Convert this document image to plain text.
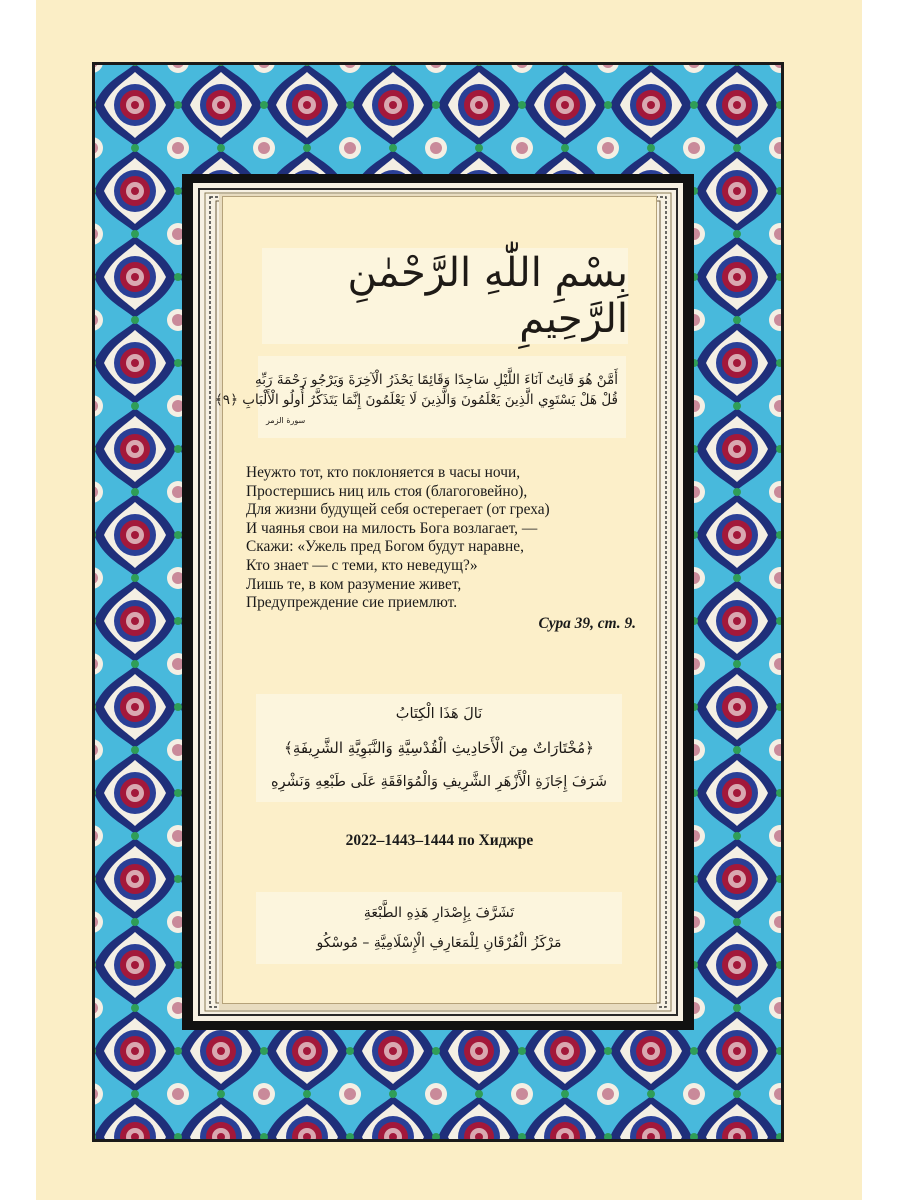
بِسْمِ اللّٰهِ الرَّحْمٰنِ الرَّحِيمِ
أَمَّنْ هُوَ قَانِتٌ آنَاءَ اللَّيْلِ سَاجِدًا وَقَائِمًا يَحْذَرُ الْآخِرَةَ وَيَرْجُو رَحْمَةَ رَبِّهِ
قُلْ هَلْ يَسْتَوِي الَّذِينَ يَعْلَمُونَ وَالَّذِينَ لَا يَعْلَمُونَ إِنَّمَا يَتَذَكَّرُ أُولُو الْأَلْبَابِ ﴿٩﴾
سورة الزمر
Неужто тот, кто поклоняется в часы ночи,
Простершись ниц иль стоя (благоговейно),
Для жизни будущей себя остерегает (от греха)
И чаянья свои на милость Бога возлагает, —
Скажи: «Ужель пред Богом будут наравне,
Кто знает — с теми, кто неведущ?»
Лишь те, в ком разумение живет,
Предупреждение сие приемлют.
Сура 39, ст. 9.
نَالَ هَذَا الْكِتَابُ
﴿مُخْتَارَاتٌ مِنَ الْأَحَادِيثِ الْقُدْسِيَّةِ وَالنَّبَوِيَّةِ الشَّرِيفَةِ﴾
شَرَفَ إِجَازَةِ الْأَزْهَرِ الشَّرِيفِ وَالْمُوَافَقَةِ عَلَى طَبْعِهِ وَنَشْرِهِ
2022–1443–1444 по Хиджре
تَشَرَّفَ بِإِصْدَارِ هَذِهِ الطَّبْعَةِ
مَرْكَزُ الْفُرْقَانِ لِلْمَعَارِفِ الْإِسْلَامِيَّةِ – مُوسْكُو
